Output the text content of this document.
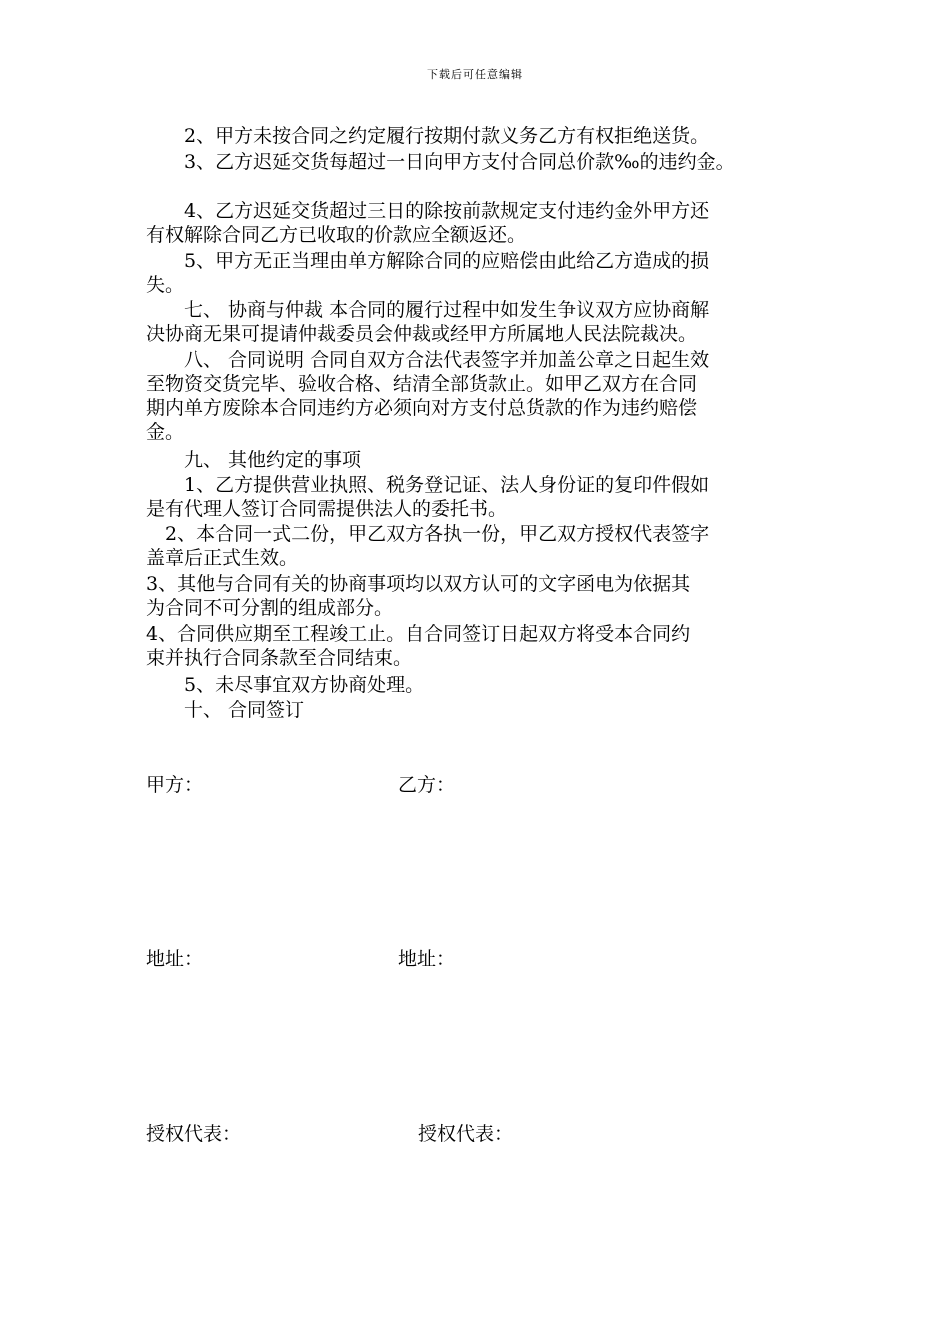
下载后可任意编辑
　　2、甲方未按合同之约定履行按期付款义务乙方有权拒绝送货。
　　3、乙方迟延交货每超过一日向甲方支付合同总价款‰的违约金。
　　4、乙方迟延交货超过三日的除按前款规定支付违约金外甲方还
有权解除合同乙方已收取的价款应全额返还。
　　5、甲方无正当理由单方解除合同的应赔偿由此给乙方造成的损
失。
　　七、 协商与仲裁 本合同的履行过程中如发生争议双方应协商解
决协商无果可提请仲裁委员会仲裁或经甲方所属地人民法院裁决。
　　八、 合同说明 合同自双方合法代表签字并加盖公章之日起生效
至物资交货完毕、验收合格、结清全部货款止。如甲乙双方在合同
期内单方废除本合同违约方必须向对方支付总货款的作为违约赔偿
金。
　　九、 其他约定的事项
　　1、乙方提供营业执照、税务登记证、法人身份证的复印件假如
是有代理人签订合同需提供法人的委托书。
　2、本合同一式二份，甲乙双方各执一份，甲乙双方授权代表签字
盖章后正式生效。
3、其他与合同有关的协商事项均以双方认可的文字函电为依据其
为合同不可分割的组成部分。
4、合同供应期至工程竣工止。自合同签订日起双方将受本合同约
束并执行合同条款至合同结束。
　　5、未尽事宜双方协商处理。
　　十、 合同签订
甲方：	乙方：
地址：	地址：
授权代表：	授权代表：
